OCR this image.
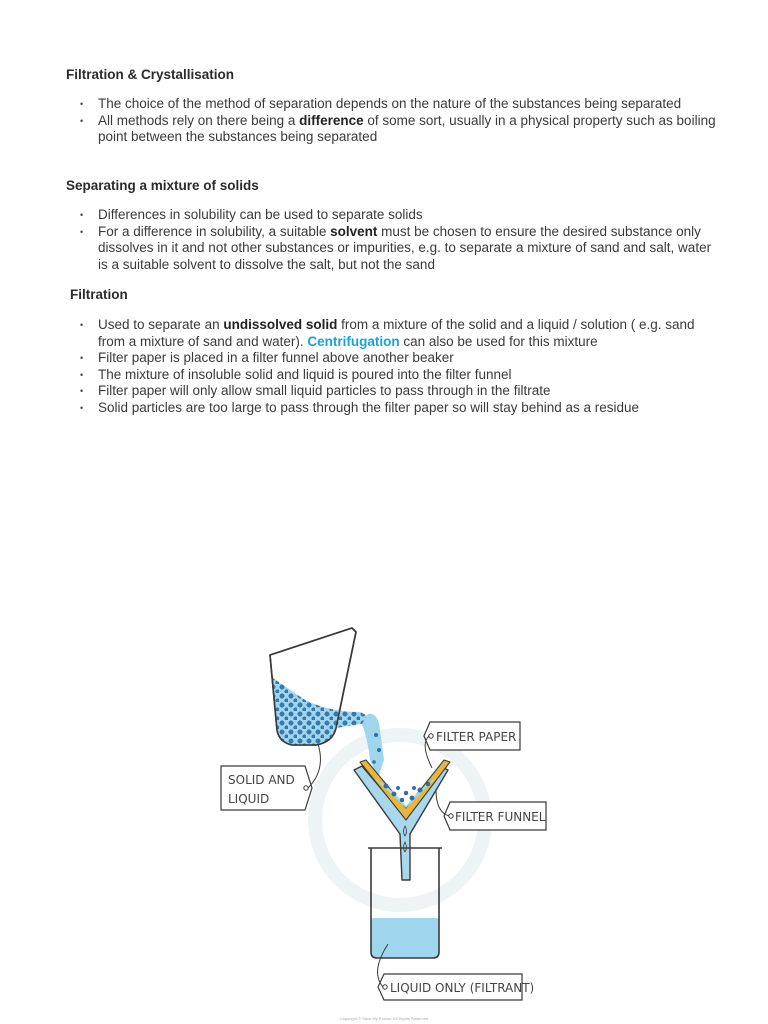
Filtration & Crystallisation
• The choice of the method of separation depends on the nature of the substances being separated
• All methods rely on there being a difference of some sort, usually in a physical property such as boiling point between the substances being separated
Separating a mixture of solids
• Differences in solubility can be used to separate solids
• For a difference in solubility, a suitable solvent must be chosen to ensure the desired substance only dissolves in it and not other substances or impurities, e.g. to separate a mixture of sand and salt, water is a suitable solvent to dissolve the salt, but not the sand
Filtration
• Used to separate an undissolved solid from a mixture of the solid and a liquid / solution ( e.g. sand from a mixture of sand and water). Centrifugation can also be used for this mixture
• Filter paper is placed in a filter funnel above another beaker
• The mixture of insoluble solid and liquid is poured into the filter funnel
• Filter paper will only allow small liquid particles to pass through in the filtrate
• Solid particles are too large to pass through the filter paper so will stay behind as a residue
FILTER PAPER
SOLID AND
LIQUID
FILTER FUNNEL
LIQUID ONLY (FILTRANT)
Copyright © Save My Exams. All Rights Reserved
